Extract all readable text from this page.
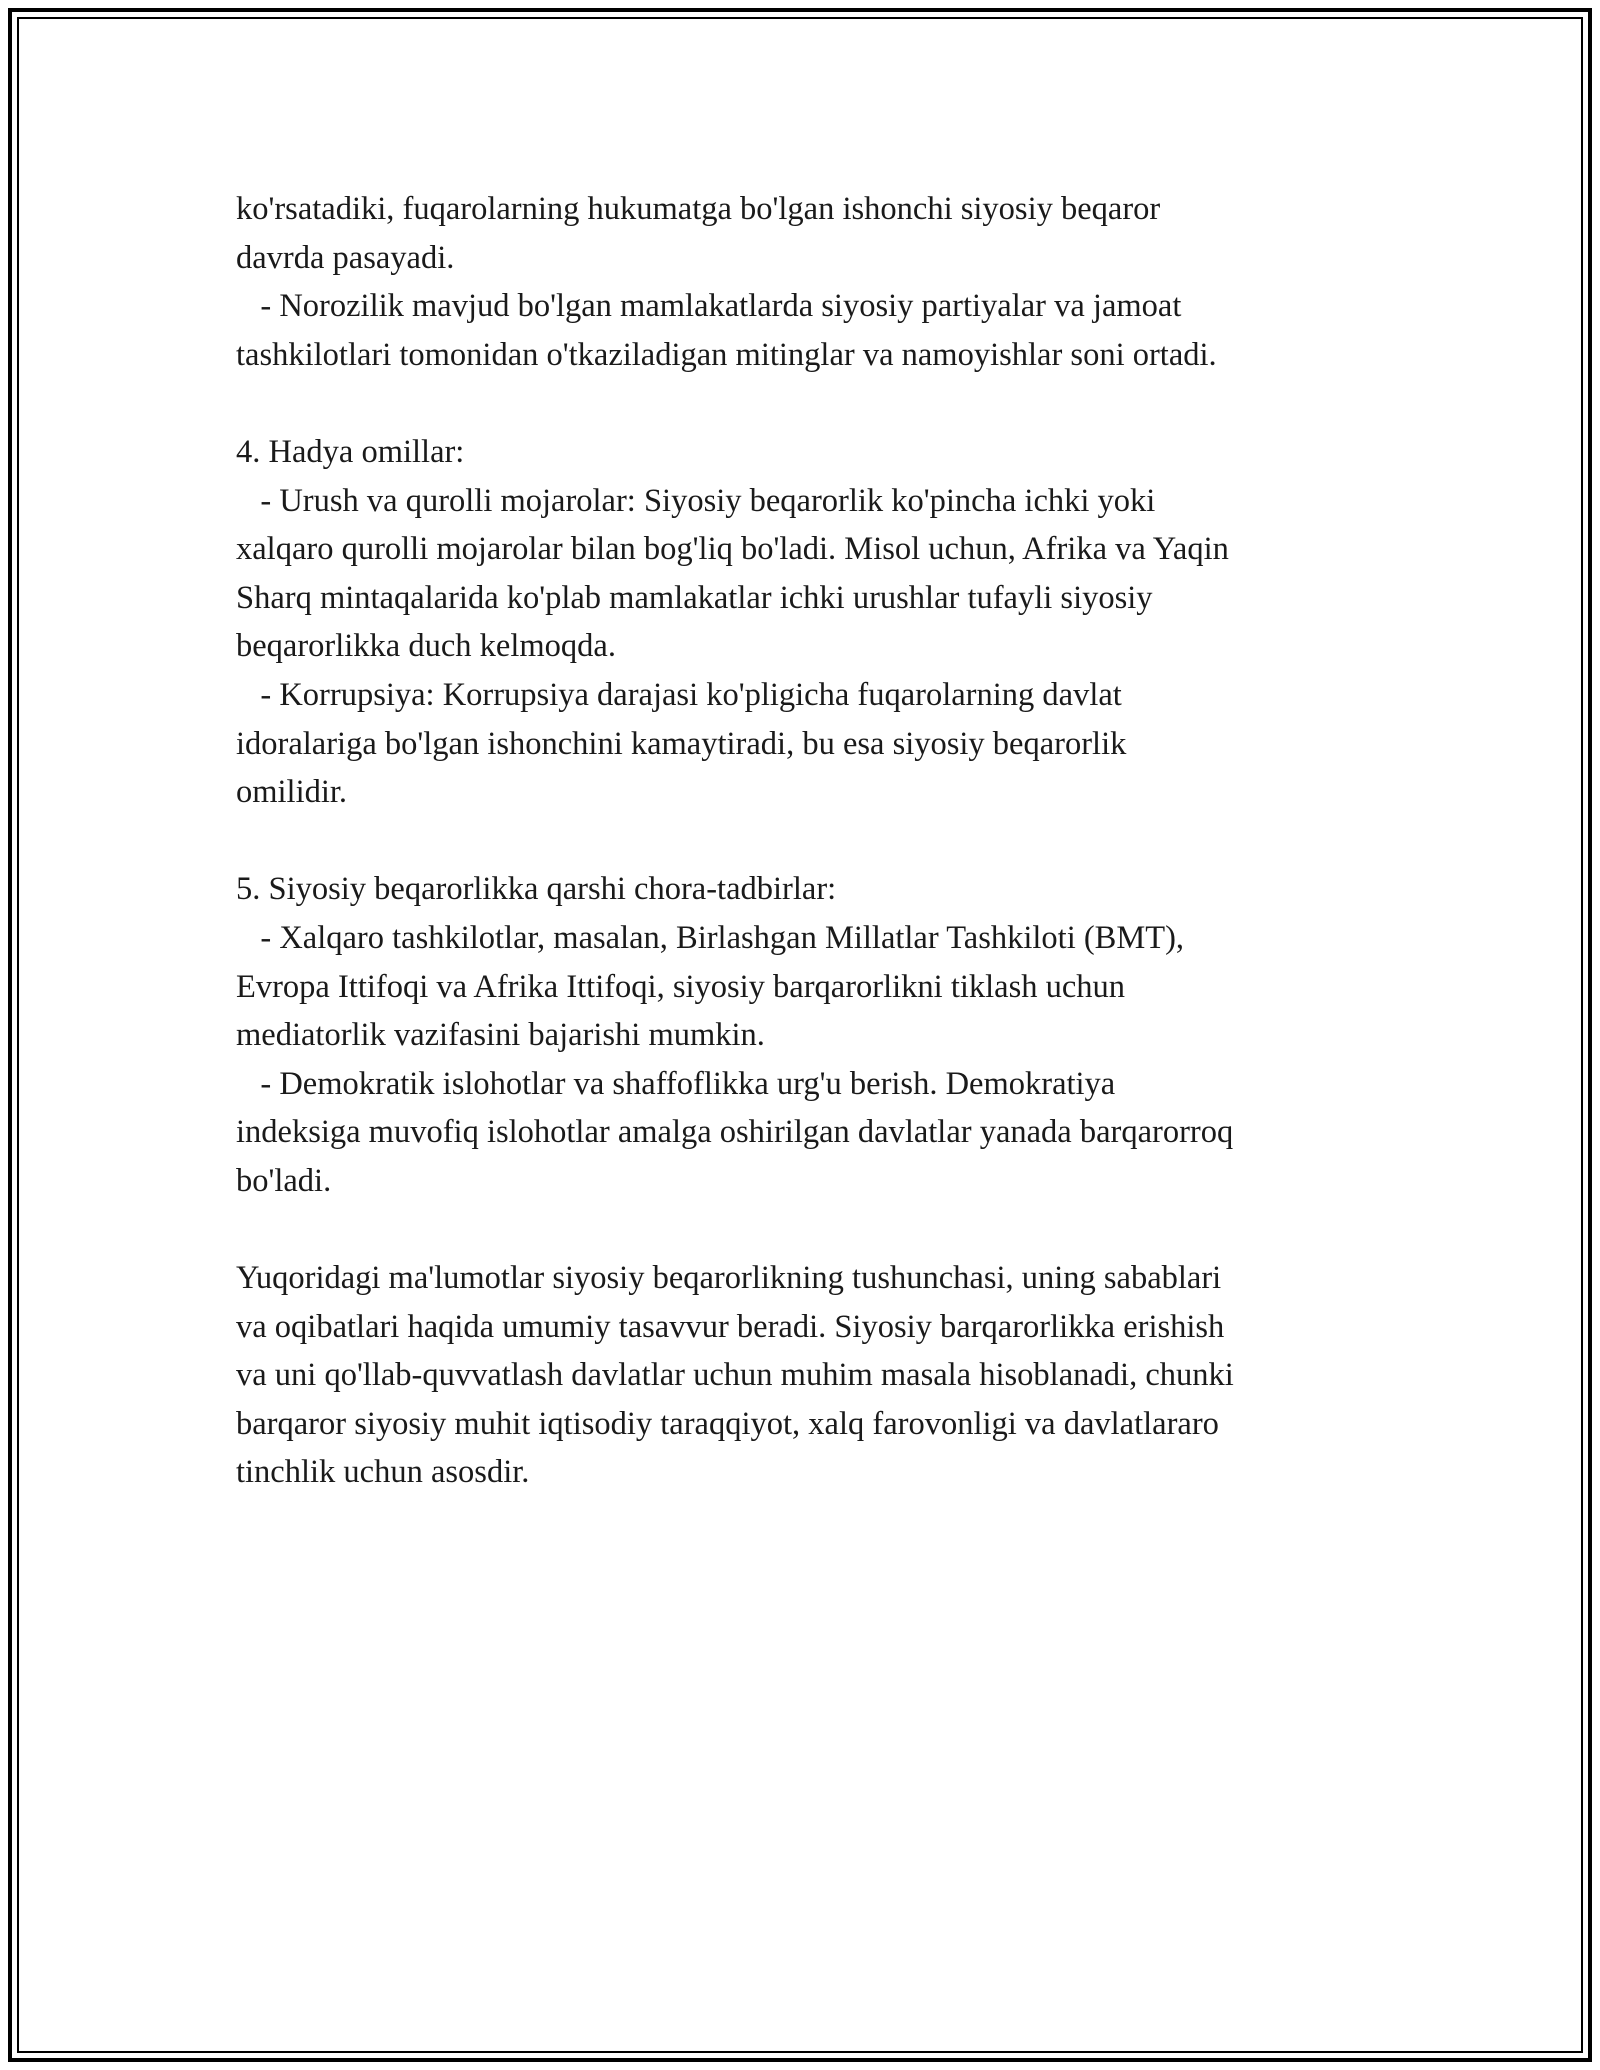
ko'rsatadiki, fuqarolarning hukumatga bo'lgan ishonchi siyosiy beqaror
davrda pasayadi.
- Norozilik mavjud bo'lgan mamlakatlarda siyosiy partiyalar va jamoat
tashkilotlari tomonidan o'tkaziladigan mitinglar va namoyishlar soni ortadi.
4. Hadya omillar:
- Urush va qurolli mojarolar: Siyosiy beqarorlik ko'pincha ichki yoki
xalqaro qurolli mojarolar bilan bog'liq bo'ladi. Misol uchun, Afrika va Yaqin
Sharq mintaqalarida ko'plab mamlakatlar ichki urushlar tufayli siyosiy
beqarorlikka duch kelmoqda.
- Korrupsiya: Korrupsiya darajasi ko'pligicha fuqarolarning davlat
idoralariga bo'lgan ishonchini kamaytiradi, bu esa siyosiy beqarorlik
omilidir.
5. Siyosiy beqarorlikka qarshi chora-tadbirlar:
- Xalqaro tashkilotlar, masalan, Birlashgan Millatlar Tashkiloti (BMT),
Evropa Ittifoqi va Afrika Ittifoqi, siyosiy barqarorlikni tiklash uchun
mediatorlik vazifasini bajarishi mumkin.
- Demokratik islohotlar va shaffoflikka urg'u berish. Demokratiya
indeksiga muvofiq islohotlar amalga oshirilgan davlatlar yanada barqarorroq
bo'ladi.
Yuqoridagi ma'lumotlar siyosiy beqarorlikning tushunchasi, uning sabablari
va oqibatlari haqida umumiy tasavvur beradi. Siyosiy barqarorlikka erishish
va uni qo'llab-quvvatlash davlatlar uchun muhim masala hisoblanadi, chunki
barqaror siyosiy muhit iqtisodiy taraqqiyot, xalq farovonligi va davlatlararo
tinchlik uchun asosdir.
